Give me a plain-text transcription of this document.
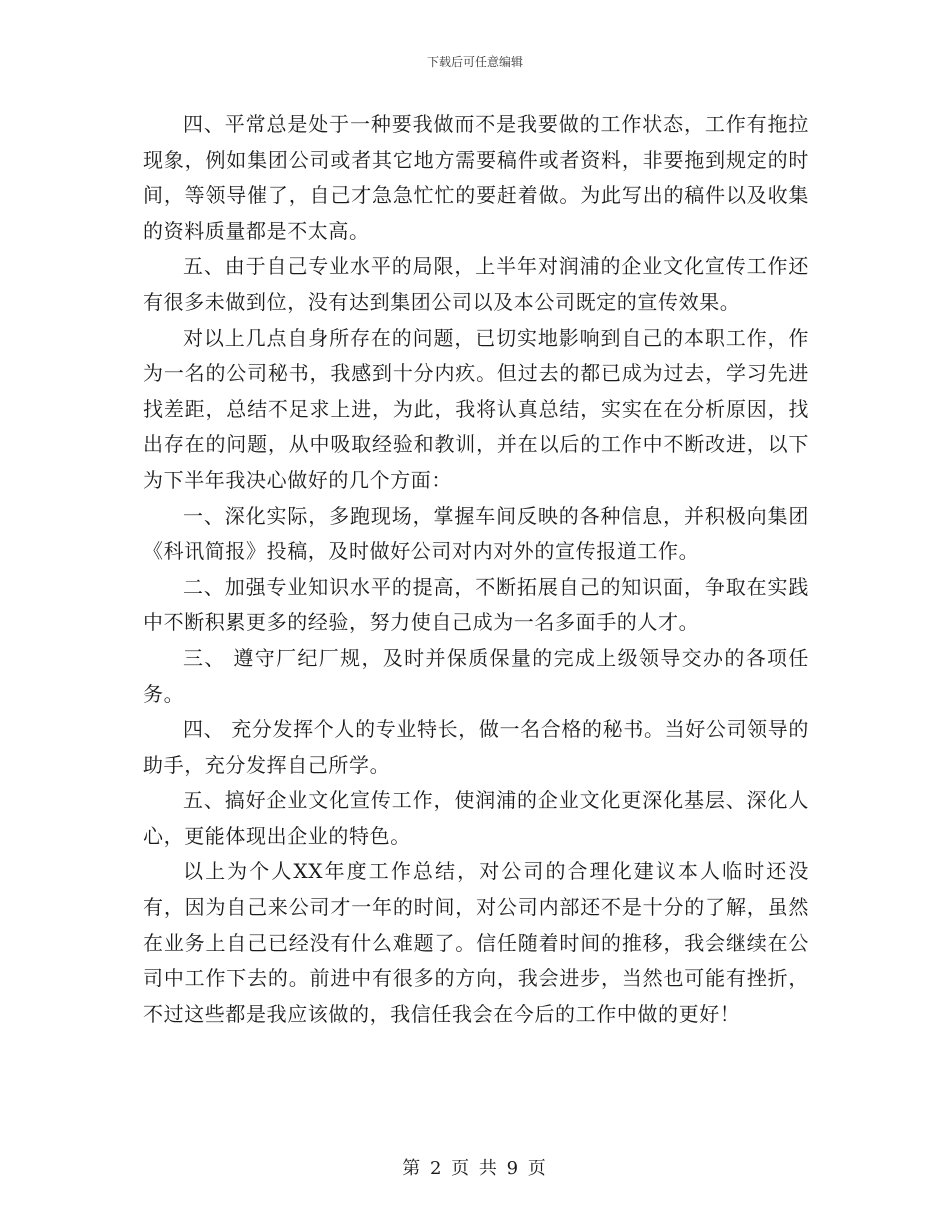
下载后可任意编辑

四、平常总是处于一种要我做而不是我要做的工作状态，工作有拖拉现象，例如集团公司或者其它地方需要稿件或者资料，非要拖到规定的时间，等领导催了，自己才急急忙忙的要赶着做。为此写出的稿件以及收集的资料质量都是不太高。

五、由于自己专业水平的局限，上半年对润浦的企业文化宣传工作还有很多未做到位，没有达到集团公司以及本公司既定的宣传效果。

对以上几点自身所存在的问题，已切实地影响到自己的本职工作，作为一名的公司秘书，我感到十分内疚。但过去的都已成为过去，学习先进找差距，总结不足求上进，为此，我将认真总结，实实在在分析原因，找出存在的问题，从中吸取经验和教训，并在以后的工作中不断改进，以下为下半年我决心做好的几个方面：

一、深化实际，多跑现场，掌握车间反映的各种信息，并积极向集团《科讯简报》投稿，及时做好公司对内对外的宣传报道工作。

二、加强专业知识水平的提高，不断拓展自己的知识面，争取在实践中不断积累更多的经验，努力使自己成为一名多面手的人才。

三、 遵守厂纪厂规，及时并保质保量的完成上级领导交办的各项任务。

四、 充分发挥个人的专业特长，做一名合格的秘书。当好公司领导的助手，充分发挥自己所学。

五、搞好企业文化宣传工作，使润浦的企业文化更深化基层、深化人心，更能体现出企业的特色。

以上为个人XX年度工作总结，对公司的合理化建议本人临时还没有，因为自己来公司才一年的时间，对公司内部还不是十分的了解，虽然在业务上自己已经没有什么难题了。信任随着时间的推移，我会继续在公司中工作下去的。前进中有很多的方向，我会进步，当然也可能有挫折，不过这些都是我应该做的，我信任我会在今后的工作中做的更好！

第 2 页 共 9 页
